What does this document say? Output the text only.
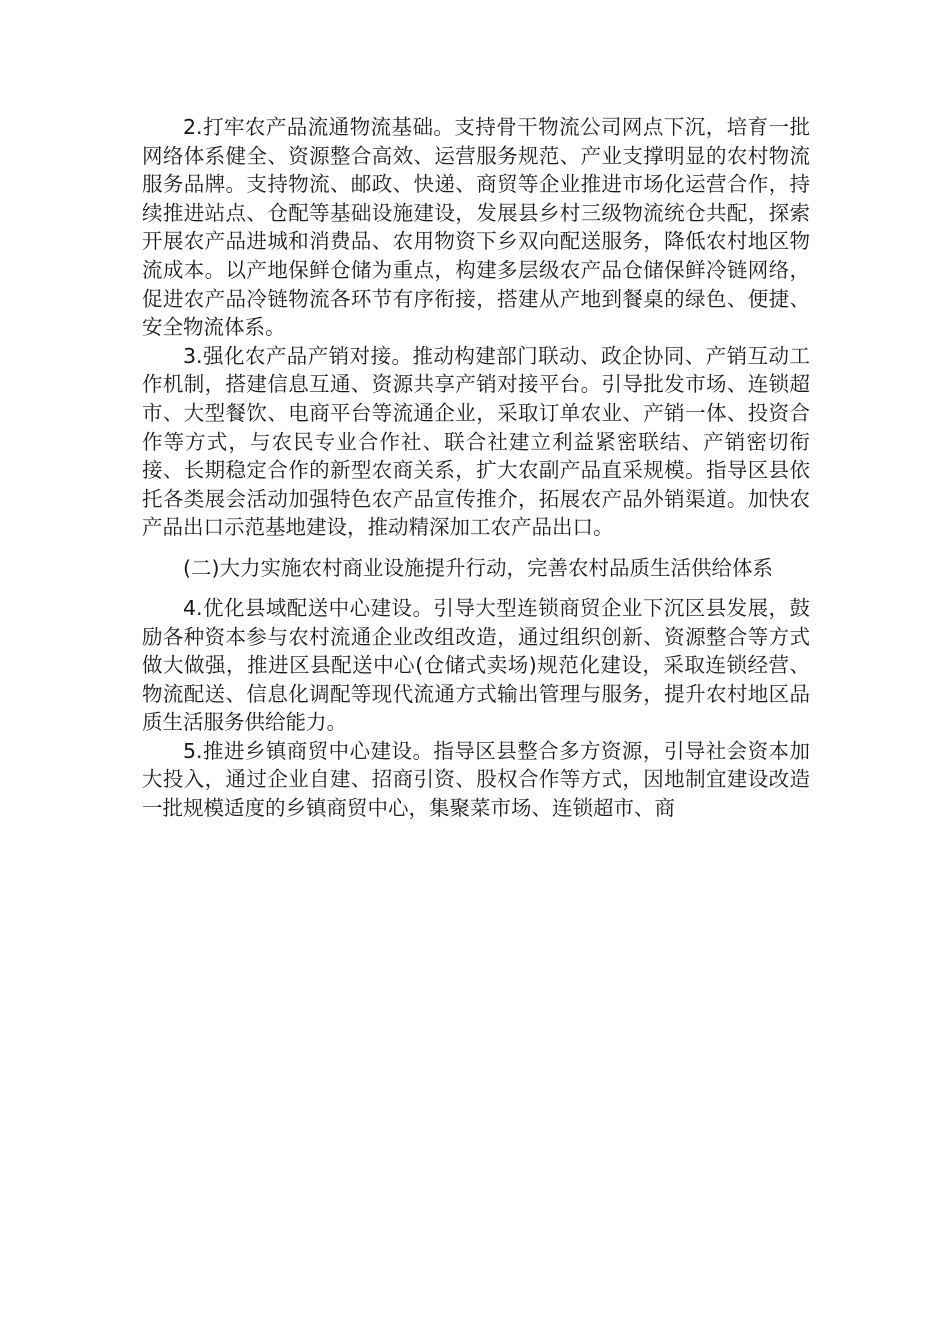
2.打牢农产品流通物流基础。支持骨干物流公司网点下沉，培育一批网络体系健全、资源整合高效、运营服务规范、产业支撑明显的农村物流服务品牌。支持物流、邮政、快递、商贸等企业推进市场化运营合作，持续推进站点、仓配等基础设施建设，发展县乡村三级物流统仓共配，探索开展农产品进城和消费品、农用物资下乡双向配送服务，降低农村地区物流成本。以产地保鲜仓储为重点，构建多层级农产品仓储保鲜冷链网络，促进农产品冷链物流各环节有序衔接，搭建从产地到餐桌的绿色、便捷、安全物流体系。

3.强化农产品产销对接。推动构建部门联动、政企协同、产销互动工作机制，搭建信息互通、资源共享产销对接平台。引导批发市场、连锁超市、大型餐饮、电商平台等流通企业，采取订单农业、产销一体、投资合作等方式，与农民专业合作社、联合社建立利益紧密联结、产销密切衔接、长期稳定合作的新型农商关系，扩大农副产品直采规模。指导区县依托各类展会活动加强特色农产品宣传推介，拓展农产品外销渠道。加快农产品出口示范基地建设，推动精深加工农产品出口。

(二)大力实施农村商业设施提升行动，完善农村品质生活供给体系

4.优化县域配送中心建设。引导大型连锁商贸企业下沉区县发展，鼓励各种资本参与农村流通企业改组改造，通过组织创新、资源整合等方式做大做强，推进区县配送中心(仓储式卖场)规范化建设，采取连锁经营、物流配送、信息化调配等现代流通方式输出管理与服务，提升农村地区品质生活服务供给能力。

5.推进乡镇商贸中心建设。指导区县整合多方资源，引导社会资本加大投入，通过企业自建、招商引资、股权合作等方式，因地制宜建设改造一批规模适度的乡镇商贸中心，集聚菜市场、连锁超市、商
